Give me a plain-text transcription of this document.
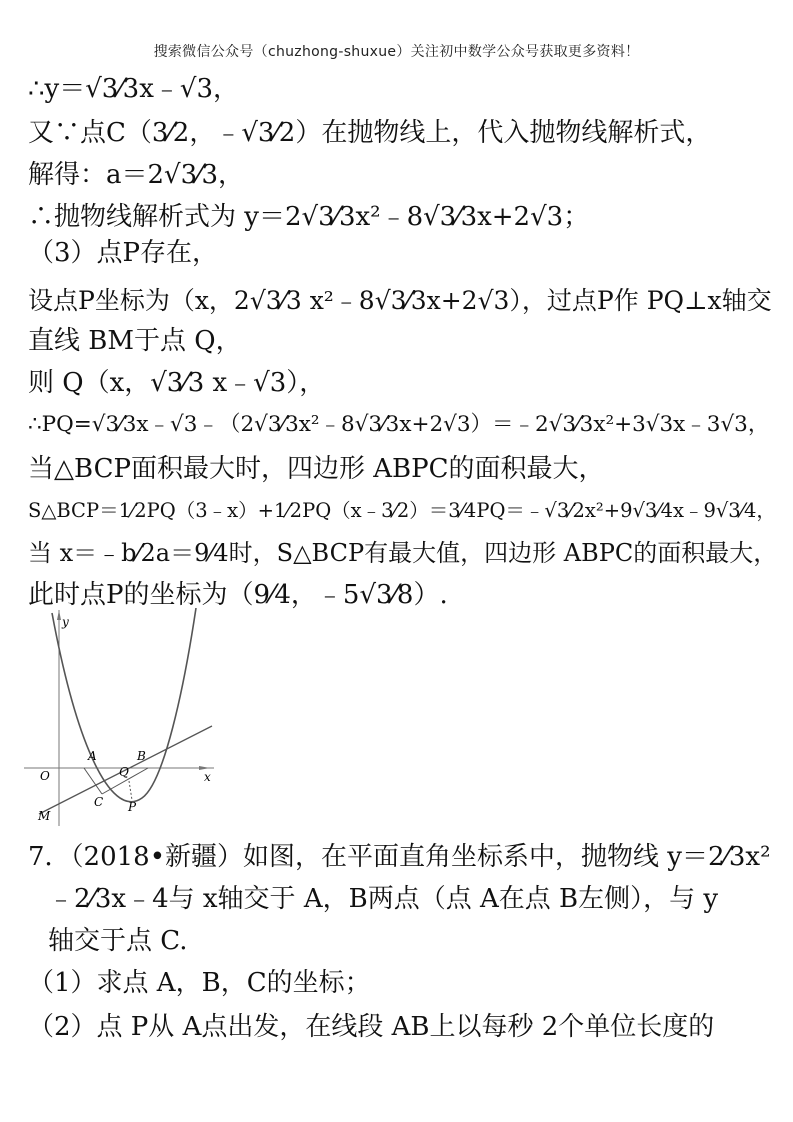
搜索微信公众号（chuzhong-shuxue）关注初中数学公众号获取更多资料！
∴y＝√3⁄3x﹣√3，
又∵点C（3⁄2，﹣√3⁄2）在抛物线上，代入抛物线解析式，
解得：a＝2√3⁄3，
∴抛物线解析式为 y＝2√3⁄3x²﹣8√3⁄3x+2√3；
（3）点P存在，
设点P坐标为（x，2√3⁄3 x²﹣8√3⁄3x+2√3），过点P作 PQ⊥x轴交
直线 BM于点 Q，
则 Q（x，√3⁄3 x﹣√3），
∴PQ=√3⁄3x﹣√3﹣（2√3⁄3x²﹣8√3⁄3x+2√3）＝﹣2√3⁄3x²+3√3x﹣3√3，
当△BCP面积最大时，四边形 ABPC的面积最大，
S△BCP＝1⁄2PQ（3﹣x）+1⁄2PQ（x﹣3⁄2）＝3⁄4PQ＝﹣√3⁄2x²+9√3⁄4x﹣9√3⁄4，
当 x＝﹣b⁄2a＝9⁄4时，S△BCP有最大值，四边形 ABPC的面积最大，
此时点P的坐标为（9⁄4，﹣5√3⁄8）.
y
x
O
A	B
Q
C P
M
7．（2018•新疆）如图，在平面直角坐标系中，抛物线 y＝2⁄3x²
﹣2⁄3x﹣4与 x轴交于 A，B两点（点 A在点 B左侧），与 y
轴交于点 C.
（1）求点 A，B，C的坐标；
（2）点 P从 A点出发，在线段 AB上以每秒 2个单位长度的
